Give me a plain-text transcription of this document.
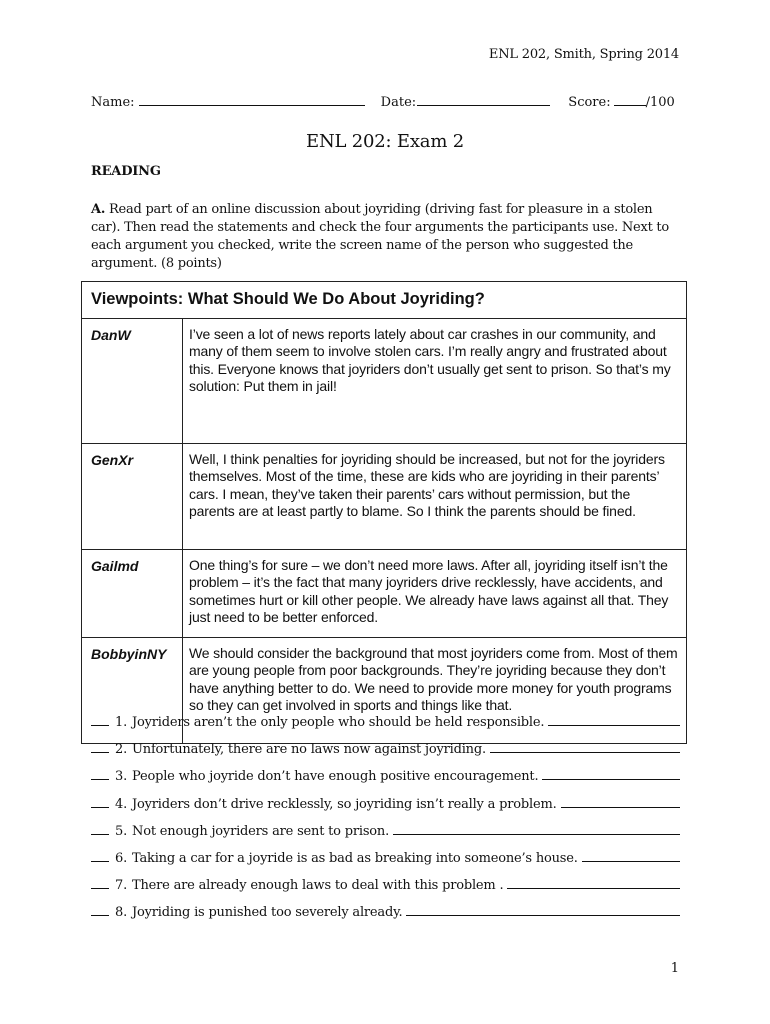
ENL 202, Smith, Spring 2014
Name:	Date:	Score:	/100
ENL 202: Exam 2
READING
A. Read part of an online discussion about joyriding (driving fast for pleasure in a stolen car). Then read the statements and check the four arguments the participants use. Next to each argument you checked, write the screen name of the person who suggested the argument. (8 points)
Viewpoints: What Should We Do About Joyriding?	
DanW	I’ve seen a lot of news reports lately about car crashes in our community, and many of them seem to involve stolen cars. I’m really angry and frustrated about this. Everyone knows that joyriders don’t usually get sent to prison. So that’s my solution: Put them in jail!
GenXr	Well, I think penalties for joyriding should be increased, but not for the joyriders themselves. Most of the time, these are kids who are joyriding in their parents’ cars. I mean, they’ve taken their parents’ cars without permission, but the parents are at least partly to blame. So I think the parents should be fined.
Gailmd	One thing’s for sure – we don’t need more laws. After all, joyriding itself isn’t the problem – it’s the fact that many joyriders drive recklessly, have accidents, and sometimes hurt or kill other people. We already have laws against all that. They just need to be better enforced.
BobbyinNY	We should consider the background that most joyriders come from. Most of them are young people from poor backgrounds. They’re joyriding because they don’t have anything better to do. We need to provide more money for youth programs so they can get involved in sports and things like that.
1. Joyriders aren’t the only people who should be held responsible.
2. Unfortunately, there are no laws now against joyriding.
3. People who joyride don’t have enough positive encouragement.
4. Joyriders don’t drive recklessly, so joyriding isn’t really a problem.
5. Not enough joyriders are sent to prison.
6. Taking a car for a joyride is as bad as breaking into someone’s house.
7. There are already enough laws to deal with this problem .
8. Joyriding is punished too severely already.
1
